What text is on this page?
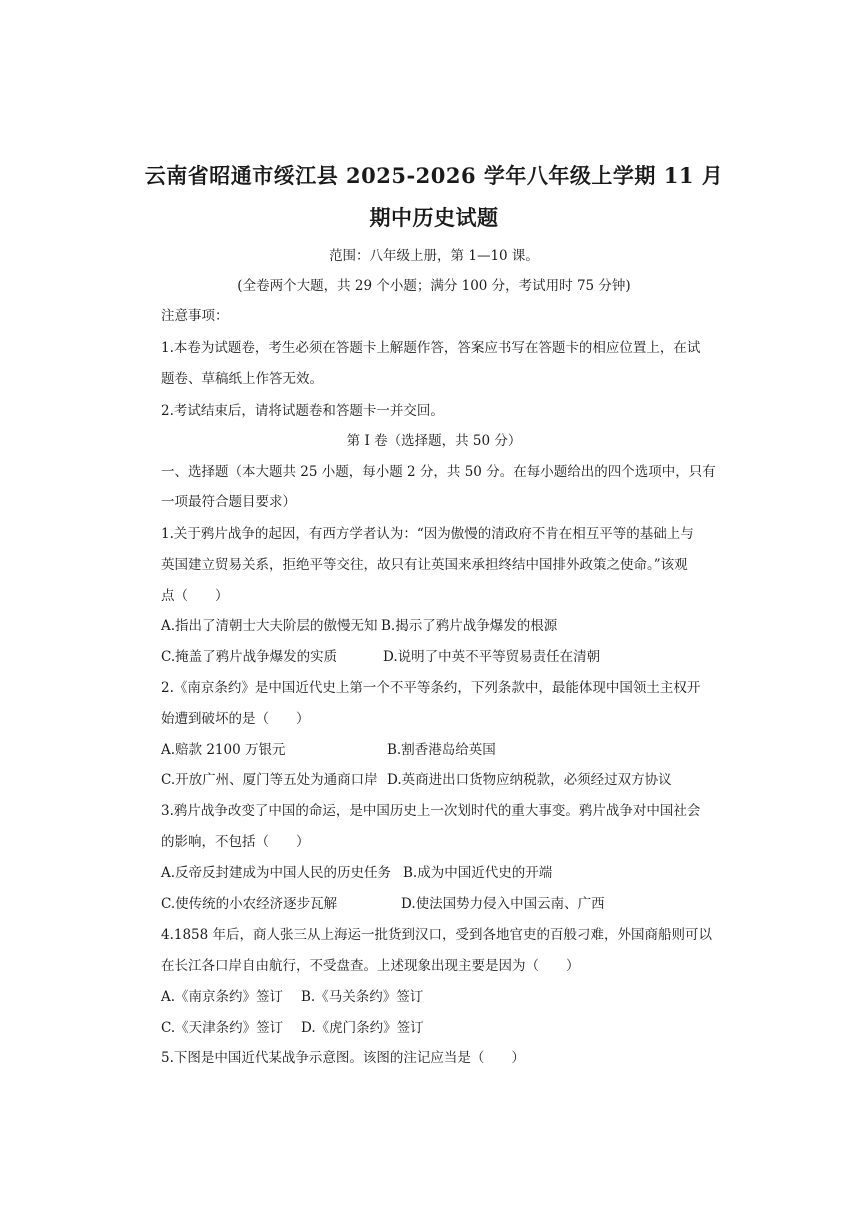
云南省昭通市绥江县 2025-2026 学年八年级上学期 11 月
期中历史试题
范围：八年级上册，第 1—10 课。
(全卷两个大题，共 29 个小题；满分 100 分，考试用时 75 分钟)
注意事项：
1.本卷为试题卷，考生必须在答题卡上解题作答，答案应书写在答题卡的相应位置上，在试
题卷、草稿纸上作答无效。
2.考试结束后，请将试题卷和答题卡一并交回。
第 I 卷（选择题，共 50 分）
一、选择题（本大题共 25 小题，每小题 2 分，共 50 分。在每小题给出的四个选项中，只有
一项最符合题目要求）
1.关于鸦片战争的起因，有西方学者认为：“因为傲慢的清政府不肯在相互平等的基础上与
英国建立贸易关系，拒绝平等交往，故只有让英国来承担终结中国排外政策之使命。”该观
点（　　）
A.指出了清朝士大夫阶层的傲慢无知 B.揭示了鸦片战争爆发的根源
C.掩盖了鸦片战争爆发的实质	D.说明了中英不平等贸易责任在清朝
2.《南京条约》是中国近代史上第一个不平等条约，下列条款中，最能体现中国领土主权开
始遭到破坏的是（　　）
A.赔款 2100 万银元	B.割香港岛给英国
C.开放广州、厦门等五处为通商口岸 D.英商进出口货物应纳税款，必须经过双方协议
3.鸦片战争改变了中国的命运，是中国历史上一次划时代的重大事变。鸦片战争对中国社会
的影响，不包括（　　）
A.反帝反封建成为中国人民的历史任务 B.成为中国近代史的开端
C.使传统的小农经济逐步瓦解	D.使法国势力侵入中国云南、广西
4.1858 年后，商人张三从上海运一批货到汉口，受到各地官吏的百般刁难，外国商船则可以
在长江各口岸自由航行，不受盘查。上述现象出现主要是因为（　　）
A.《南京条约》签订 B.《马关条约》签订
C.《天津条约》签订 D.《虎门条约》签订
5.下图是中国近代某战争示意图。该图的注记应当是（　　）
